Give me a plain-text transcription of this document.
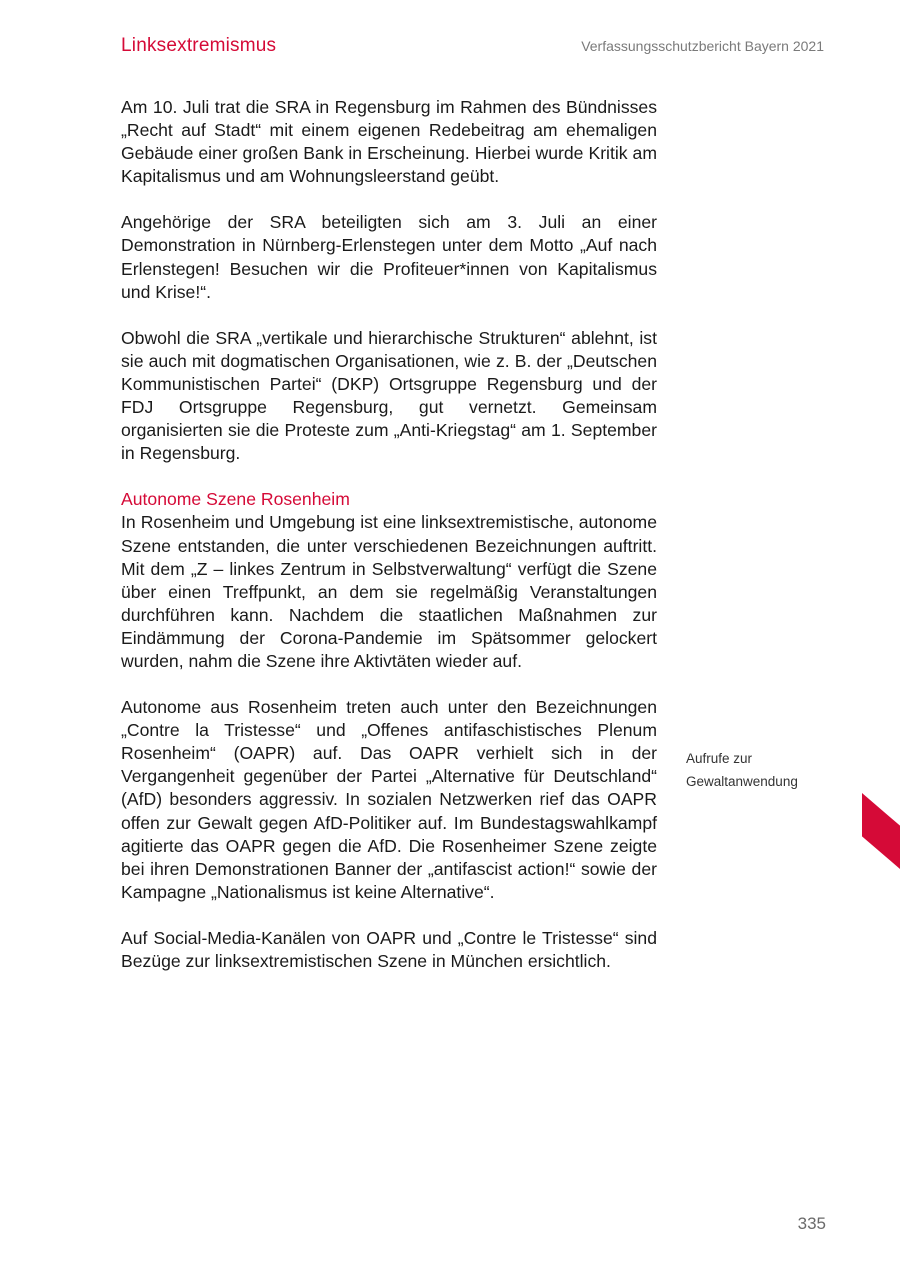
Linksextremismus	Verfassungsschutzbericht Bayern 2021

Am 10. Juli trat die SRA in Regensburg im Rahmen des Bündnisses „Recht auf Stadt“ mit einem eigenen Redebeitrag am ehemaligen Gebäude einer großen Bank in Erscheinung. Hierbei wurde Kritik am Kapitalismus und am Wohnungsleerstand geübt.

Angehörige der SRA beteiligten sich am 3. Juli an einer Demonstration in Nürnberg-Erlenstegen unter dem Motto „Auf nach Erlenstegen! Besuchen wir die Profiteuer*innen von Kapitalismus und Krise!“.

Obwohl die SRA „vertikale und hierarchische Strukturen“ ablehnt, ist sie auch mit dogmatischen Organisationen, wie z. B. der „Deutschen Kommunistischen Partei“ (DKP) Ortsgruppe Regensburg und der FDJ Ortsgruppe Regensburg, gut vernetzt. Gemeinsam organisierten sie die Proteste zum „Anti-Kriegstag“ am 1. September in Regensburg.

Autonome Szene Rosenheim

In Rosenheim und Umgebung ist eine linksextremistische, autonome Szene entstanden, die unter verschiedenen Bezeichnungen auftritt. Mit dem „Z – linkes Zentrum in Selbstverwaltung“ verfügt die Szene über einen Treffpunkt, an dem sie regelmäßig Veranstaltungen durchführen kann. Nachdem die staatlichen Maßnahmen zur Eindämmung der Corona-Pandemie im Spätsommer gelockert wurden, nahm die Szene ihre Aktivtäten wieder auf.

Autonome aus Rosenheim treten auch unter den Bezeichnungen „Contre la Tristesse“ und „Offenes antifaschistisches Plenum Rosenheim“ (OAPR) auf. Das OAPR verhielt sich in der Vergangenheit gegenüber der Partei „Alternative für Deutschland“ (AfD) besonders aggressiv. In sozialen Netzwerken rief das OAPR offen zur Gewalt gegen AfD-Politiker auf. Im Bundestagswahlkampf agitierte das OAPR gegen die AfD. Die Rosenheimer Szene zeigte bei ihren Demonstrationen Banner der „antifascist action!“ sowie der Kampagne „Nationalismus ist keine Alternative“.

Auf Social-Media-Kanälen von OAPR und „Contre le Tristesse“ sind Bezüge zur linksextremistischen Szene in München ersichtlich.

Aufrufe zur
Gewaltanwendung
335
